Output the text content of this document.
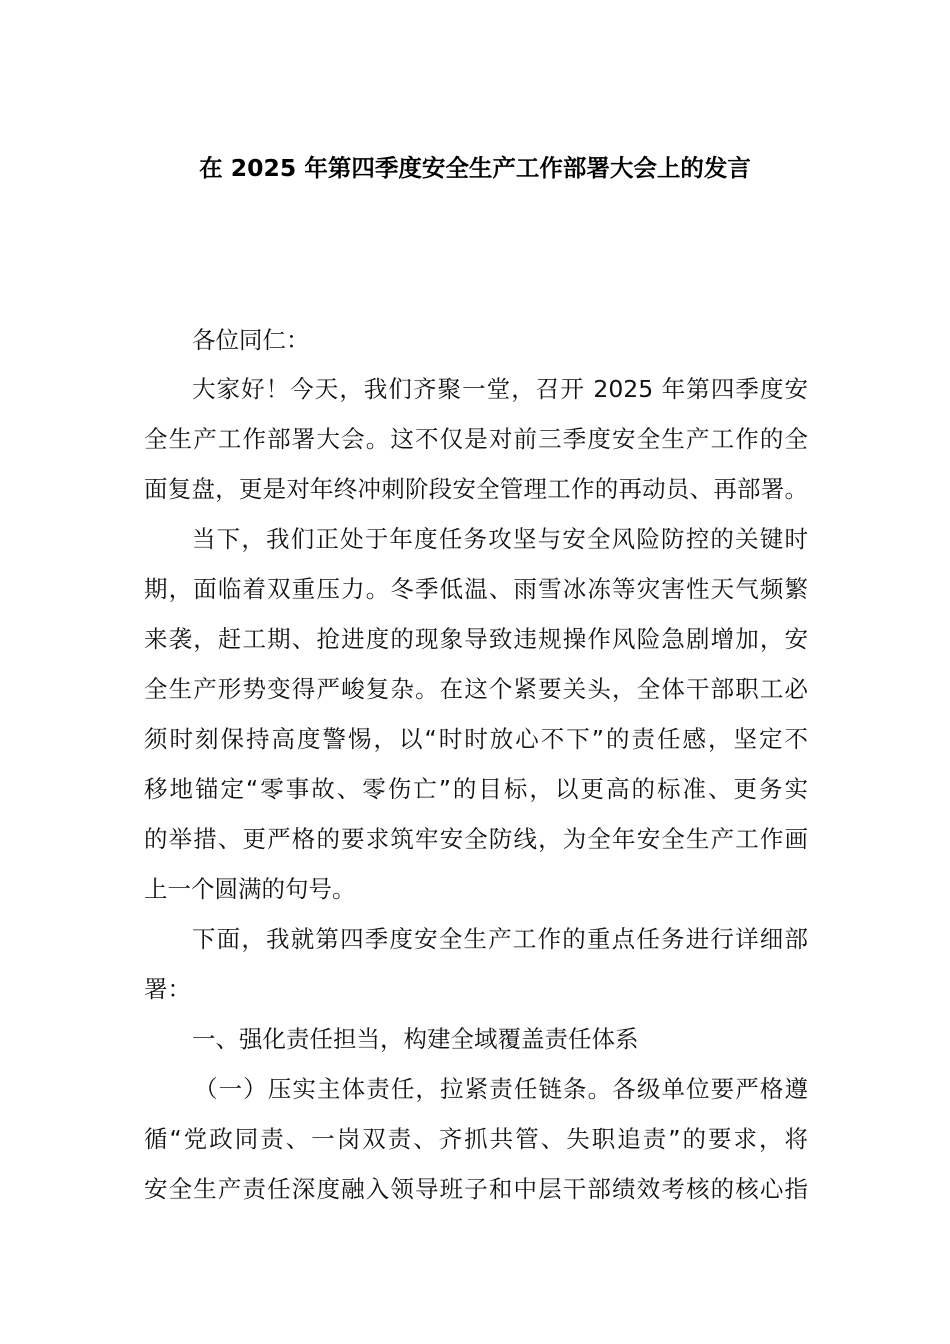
在 2025 年第四季度安全生产工作部署大会上的发言
各位同仁：
大家好！今天，我们齐聚一堂，召开 2025 年第四季度安
全生产工作部署大会。这不仅是对前三季度安全生产工作的全
面复盘，更是对年终冲刺阶段安全管理工作的再动员、再部署。
当下，我们正处于年度任务攻坚与安全风险防控的关键时
期，面临着双重压力。冬季低温、雨雪冰冻等灾害性天气频繁
来袭，赶工期、抢进度的现象导致违规操作风险急剧增加，安
全生产形势变得严峻复杂。在这个紧要关头，全体干部职工必
须时刻保持高度警惕，以“时时放心不下”的责任感，坚定不
移地锚定“零事故、零伤亡”的目标，以更高的标准、更务实
的举措、更严格的要求筑牢安全防线，为全年安全生产工作画
上一个圆满的句号。
下面，我就第四季度安全生产工作的重点任务进行详细部
署：
一、强化责任担当，构建全域覆盖责任体系
（一）压实主体责任，拉紧责任链条。各级单位要严格遵
循“党政同责、一岗双责、齐抓共管、失职追责”的要求，将
安全生产责任深度融入领导班子和中层干部绩效考核的核心指
